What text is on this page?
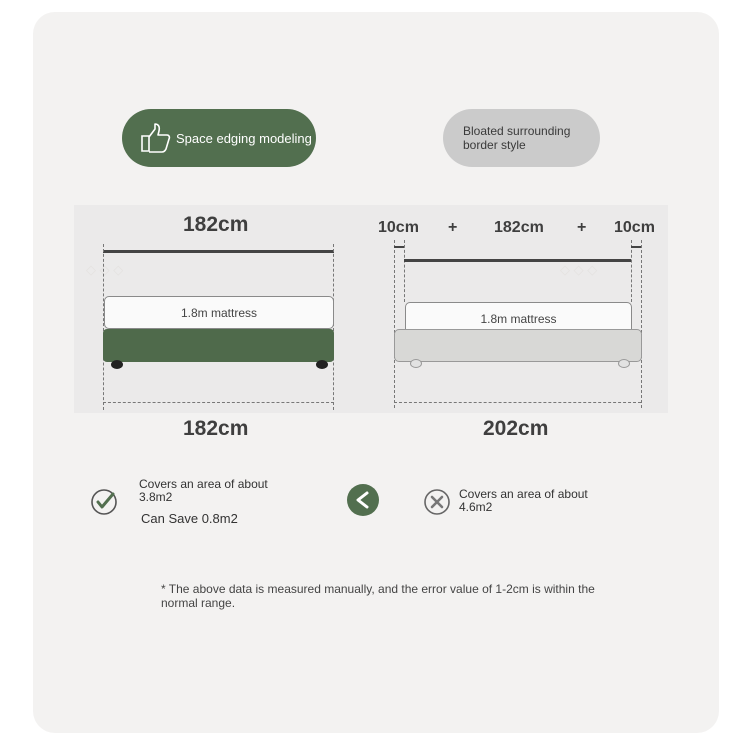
Space edging modeling	Bloated surrounding border style
◇ ◇ ◇	◇ ◇ ◇
182cm
1.8m mattress
182cm
10cm + 182cm + 10cm
1.8m mattress
202cm
Covers an area of about 3.8m2
Can Save 0.8m2
Covers an area of about 4.6m2
* The above data is measured manually, and the error value of 1-2cm is within the normal range.
